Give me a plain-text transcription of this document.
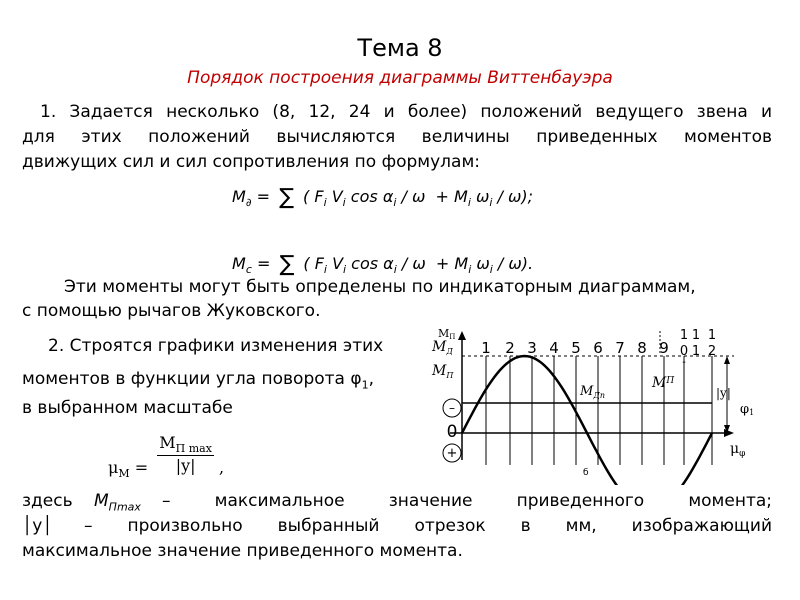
Тема 8
Порядок построения диаграммы Виттенбауэра
1. Задается несколько (8, 12, 24 и более) положений ведущего звена и
для этих положений вычисляются величины приведенных моментов
движущих сил и сил сопротивления по формулам:
$M_\partial$ = ∑ ( $F_i$ $V_i$ $\cos \alpha_i / \omega + M_i$ $\omega_i / \omega$);
$M_c$ = ∑ ( $F_i$ $V_i$ $\cos \alpha_i / \omega + M_i$ $\omega_i / \omega$).
Эти моменты могут быть определены по индикаторным диаграммам,
с помощью рычагов Жуковского.
2. Строятся графики изменения этих
моментов в функции угла поворота $\varphi_1$,
в выбранном масштабе
$\mu_M$ =
$M_{П max}$
|y|	,
здесь $M_{Пmax}$ – максимальное значение приведенного момента;
│y│ – произвольно выбранный отрезок в мм, изображающий
максимальное значение приведенного момента.
–
+
0
$M_Д$
$M_П$
MП
1 2 3 4 5 6 7 8 9
1
0
-
1
1
1
2
$M_{Дп}$
$M^П$
|y|
φ1
$\mu_\varphi$
б
